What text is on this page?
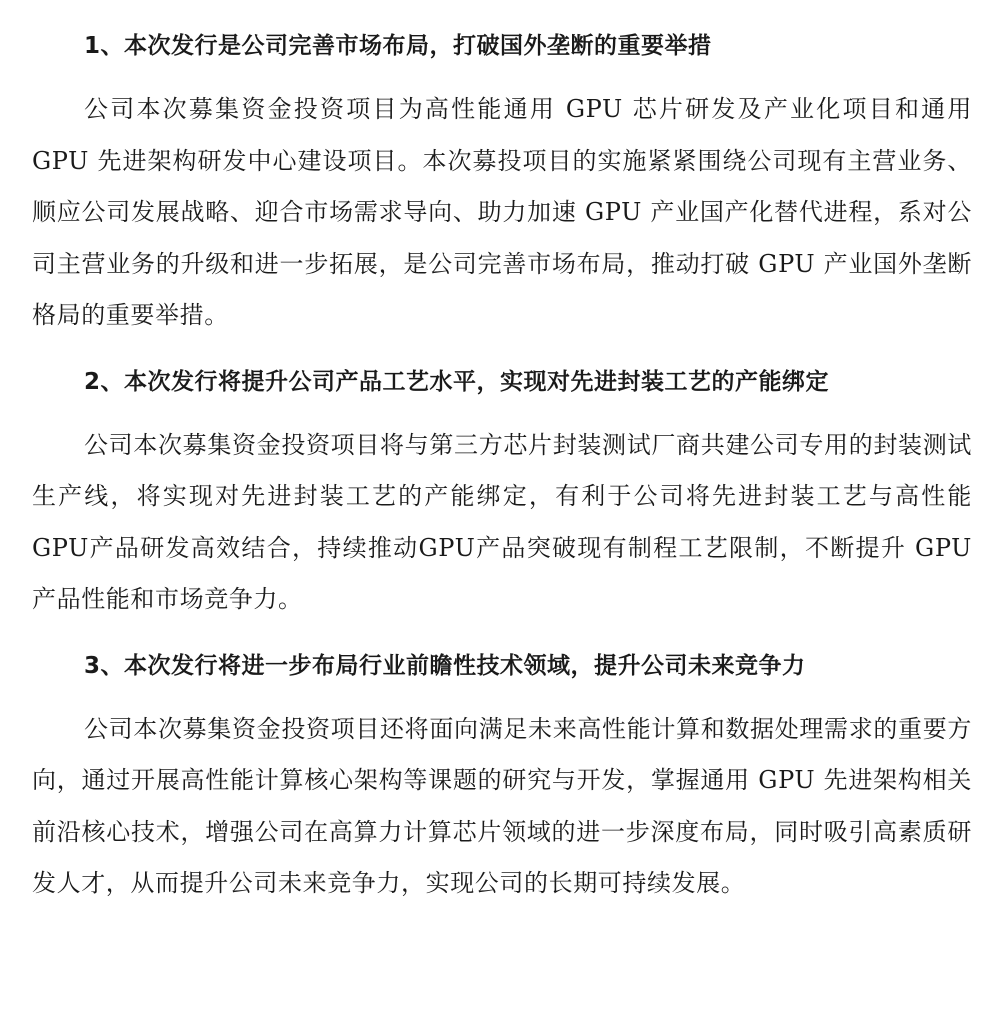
1、本次发行是公司完善市场布局，打破国外垄断的重要举措

公司本次募集资金投资项目为高性能通用 GPU 芯片研发及产业化项目和通用 GPU 先进架构研发中心建设项目。本次募投项目的实施紧紧围绕公司现有主营业务、顺应公司发展战略、迎合市场需求导向、助力加速 GPU 产业国产化替代进程，系对公司主营业务的升级和进一步拓展，是公司完善市场布局，推动打破 GPU 产业国外垄断格局的重要举措。

2、本次发行将提升公司产品工艺水平，实现对先进封装工艺的产能绑定

公司本次募集资金投资项目将与第三方芯片封装测试厂商共建公司专用的封装测试生产线，将实现对先进封装工艺的产能绑定，有利于公司将先进封装工艺与高性能GPU产品研发高效结合，持续推动GPU产品突破现有制程工艺限制，不断提升 GPU 产品性能和市场竞争力。

3、本次发行将进一步布局行业前瞻性技术领域，提升公司未来竞争力

公司本次募集资金投资项目还将面向满足未来高性能计算和数据处理需求的重要方向，通过开展高性能计算核心架构等课题的研究与开发，掌握通用 GPU 先进架构相关前沿核心技术，增强公司在高算力计算芯片领域的进一步深度布局，同时吸引高素质研发人才，从而提升公司未来竞争力，实现公司的长期可持续发展。
